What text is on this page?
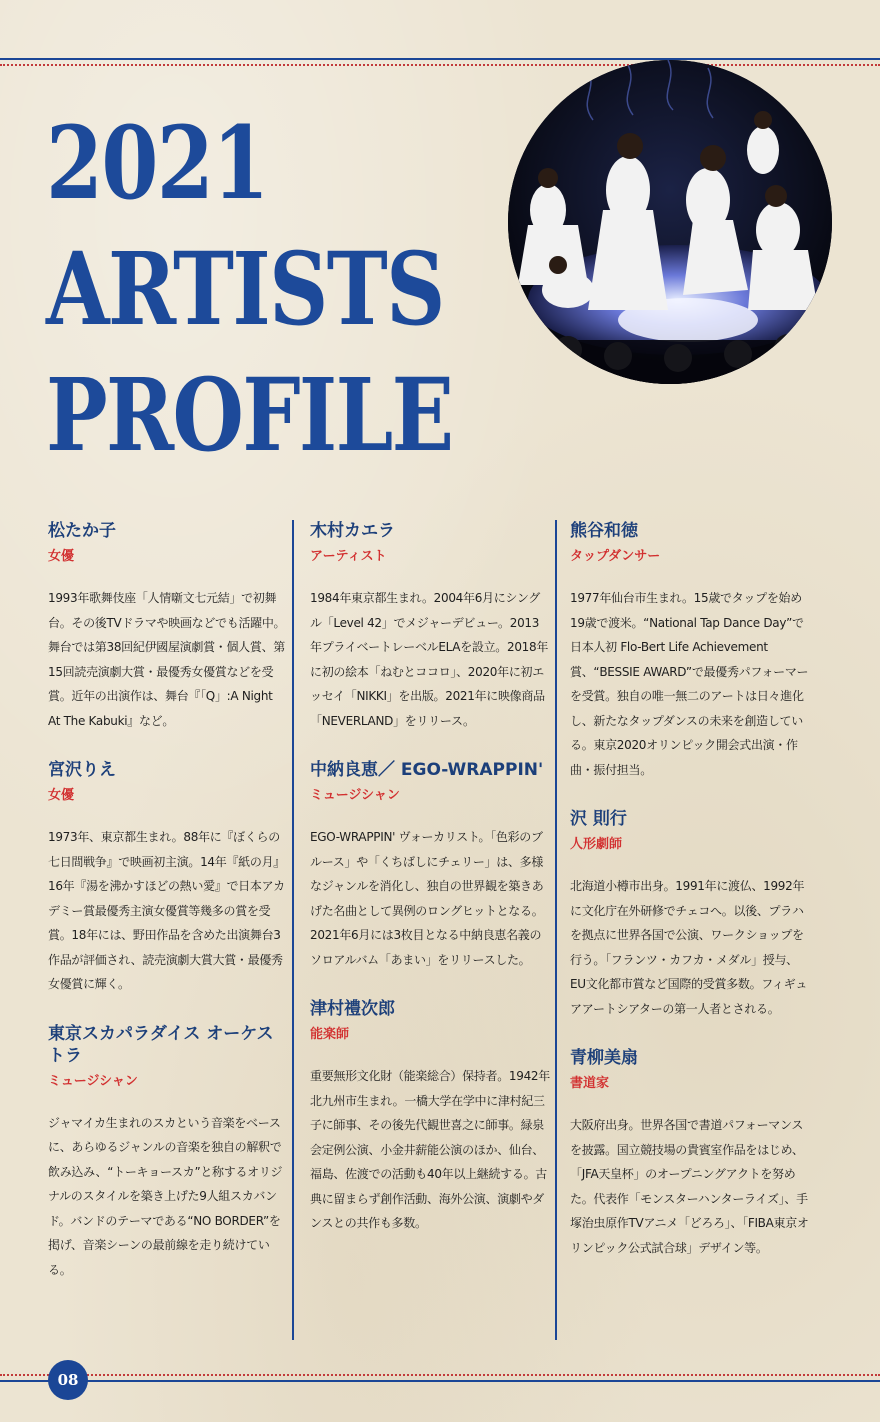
2021
ARTISTS
PROFILE
松たか子
女優

1993年歌舞伎座「人情噺文七元結」で初舞台。その後TVドラマや映画などでも活躍中。舞台では第38回紀伊國屋演劇賞・個人賞、第15回読売演劇大賞・最優秀女優賞などを受賞。近年の出演作は、舞台『「Q」:A Night At The Kabuki』など。

宮沢りえ
女優

1973年、東京都生まれ。88年に『ぼくらの七日間戦争』で映画初主演。14年『紙の月』16年『湯を沸かすほどの熱い愛』で日本アカデミー賞最優秀主演女優賞等幾多の賞を受賞。18年には、野田作品を含めた出演舞台3作品が評価され、読売演劇大賞大賞・最優秀女優賞に輝く。

東京スカパラダイス オーケストラ
ミュージシャン

ジャマイカ生まれのスカという音楽をベースに、あらゆるジャンルの音楽を独自の解釈で飲み込み、“トーキョースカ”と称するオリジナルのスタイルを築き上げた9人組スカバンド。バンドのテーマである“NO BORDER”を掲げ、音楽シーンの最前線を走り続けている。

木村カエラ
アーティスト

1984年東京都生まれ。2004年6月にシングル「Level 42」でメジャーデビュー。2013年プライベートレーベルELAを設立。2018年に初の絵本「ねむとココロ」、2020年に初エッセイ「NIKKI」を出版。2021年に映像商品「NEVERLAND」をリリース。

中納良恵／ EGO-WRAPPIN'
ミュージシャン

EGO-WRAPPIN' ヴォーカリスト。「色彩のブルース」や「くちばしにチェリー」は、多様なジャンルを消化し、独自の世界観を築きあげた名曲として異例のロングヒットとなる。2021年6月には3枚目となる中納良恵名義のソロアルバム「あまい」をリリースした。

津村禮次郎
能楽師

重要無形文化財（能楽総合）保持者。1942年北九州市生まれ。一橋大学在学中に津村紀三子に師事、その後先代観世喜之に師事。緑泉会定例公演、小金井薪能公演のほか、仙台、福島、佐渡での活動も40年以上継続する。古典に留まらず創作活動、海外公演、演劇やダンスとの共作も多数。

熊谷和徳
タップダンサー

1977年仙台市生まれ。15歳でタップを始め19歳で渡米。“National Tap Dance Day”で日本人初 Flo-Bert Life Achievement 賞、“BESSIE AWARD”で最優秀パフォーマーを受賞。独自の唯一無二のアートは日々進化し、新たなタップダンスの未来を創造している。東京2020オリンピック開会式出演・作曲・振付担当。

沢 則行
人形劇師

北海道小樽市出身。1991年に渡仏、1992年に文化庁在外研修でチェコへ。以後、プラハを拠点に世界各国で公演、ワークショップを行う。「フランツ・カフカ・メダル」授与、EU文化都市賞など国際的受賞多数。フィギュアアートシアターの第一人者とされる。

青柳美扇
書道家

大阪府出身。世界各国で書道パフォーマンスを披露。国立競技場の貴賓室作品をはじめ、「JFA天皇杯」のオープニングアクトを努めた。代表作「モンスターハンターライズ」、手塚治虫原作TVアニメ「どろろ」、「FIBA東京オリンピック公式試合球」デザイン等。

08
